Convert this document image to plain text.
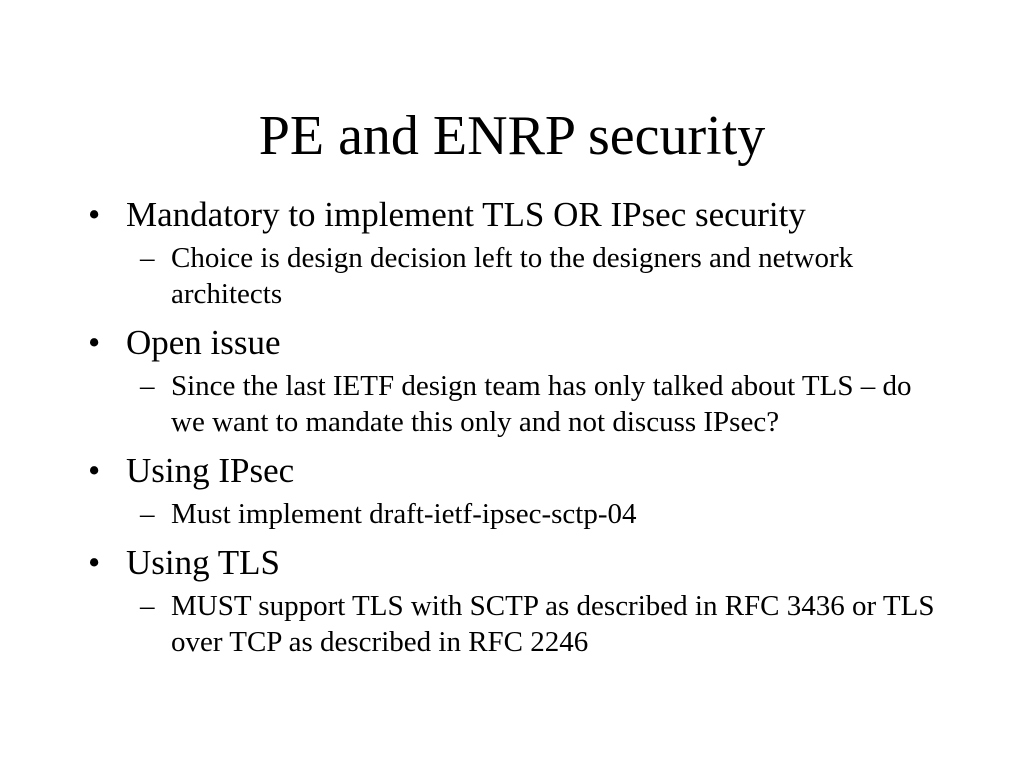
PE and ENRP security
• Mandatory to implement TLS OR IPsec security
– Choice is design decision left to the designers and network architects
• Open issue
– Since the last IETF design team has only talked about TLS – do we want to mandate this only and not discuss IPsec?
• Using IPsec
– Must implement draft-ietf-ipsec-sctp-04
• Using TLS
– MUST support TLS with SCTP as described in RFC 3436 or TLS over TCP as described in RFC 2246
